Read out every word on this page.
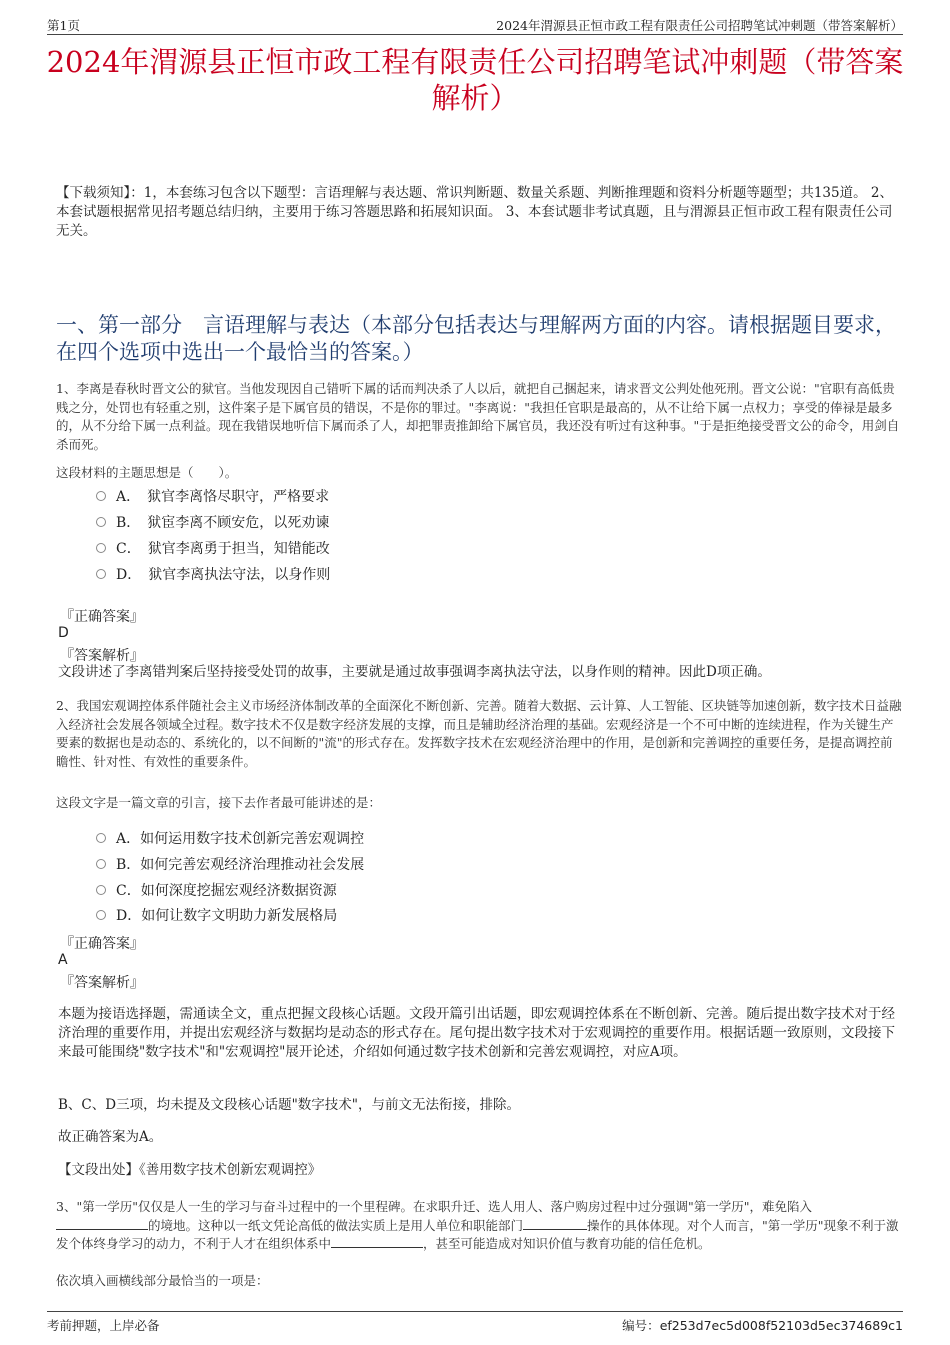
第1页	2024年渭源县正恒市政工程有限责任公司招聘笔试冲刺题（带答案解析）
2024年渭源县正恒市政工程有限责任公司招聘笔试冲刺题（带答案解析）
【下载须知】：1，本套练习包含以下题型：言语理解与表达题、常识判断题、数量关系题、判断推理题和资料分析题等题型；共135道。 2、本套试题根据常见招考题总结归纳，主要用于练习答题思路和拓展知识面。 3、本套试题非考试真题，且与渭源县正恒市政工程有限责任公司无关。
一、第一部分　言语理解与表达（本部分包括表达与理解两方面的内容。请根据题目要求，在四个选项中选出一个最恰当的答案。）
1、李离是春秋时晋文公的狱官。当他发现因自己错听下属的话而判决杀了人以后，就把自己捆起来，请求晋文公判处他死刑。晋文公说："官职有高低贵贱之分，处罚也有轻重之别，这件案子是下属官员的错误，不是你的罪过。"李离说："我担任官职是最高的，从不让给下属一点权力；享受的俸禄是最多的，从不分给下属一点利益。现在我错误地听信下属而杀了人，却把罪责推卸给下属官员，我还没有听过有这种事。"于是拒绝接受晋文公的命令，用剑自杀而死。
这段材料的主题思想是（　　）。
A．　狱官李离恪尽职守，严格要求
B．　狱宦李离不顾安危，以死劝谏
C．　狱官李离勇于担当，知错能改
D．　狱官李离执法守法，以身作则
『正确答案』
D
『答案解析』
文段讲述了李离错判案后坚持接受处罚的故事，主要就是通过故事强调李离执法守法，以身作则的精神。因此D项正确。
2、我国宏观调控体系伴随社会主义市场经济体制改革的全面深化不断创新、完善。随着大数据、云计算、人工智能、区块链等加速创新，数字技术日益融入经济社会发展各领域全过程。数字技术不仅是数字经济发展的支撑，而且是辅助经济治理的基础。宏观经济是一个不可中断的连续进程，作为关键生产要素的数据也是动态的、系统化的，以不间断的"流"的形式存在。发挥数字技术在宏观经济治理中的作用，是创新和完善调控的重要任务，是提高调控前瞻性、针对性、有效性的重要条件。
这段文字是一篇文章的引言，接下去作者最可能讲述的是：
A．如何运用数字技术创新完善宏观调控
B．如何完善宏观经济治理推动社会发展
C．如何深度挖掘宏观经济数据资源
D．如何让数字文明助力新发展格局
『正确答案』
A
『答案解析』
本题为接语选择题，需通读全文，重点把握文段核心话题。文段开篇引出话题，即宏观调控体系在不断创新、完善。随后提出数字技术对于经济治理的重要作用，并提出宏观经济与数据均是动态的形式存在。尾句提出数字技术对于宏观调控的重要作用。根据话题一致原则，文段接下来最可能围绕"数字技术"和"宏观调控"展开论述，介绍如何通过数字技术创新和完善宏观调控，对应A项。
B、C、D三项，均未提及文段核心话题"数字技术"，与前文无法衔接，排除。
故正确答案为A。
【文段出处】《善用数字技术创新宏观调控》
3、"第一学历"仅仅是人一生的学习与奋斗过程中的一个里程碑。在求职升迁、选人用人、落户购房过程中过分强调"第一学历"，难免陷入的境地。这种以一纸文凭论高低的做法实质上是用人单位和职能部门	操作的具体体现。对个人而言，"第一学历"现象不利于激发个体终身学习的动力，不利于人才在组织体系中	，甚至可能造成对知识价值与教育功能的信任危机。
依次填入画横线部分最恰当的一项是：
考前押题，上岸必备	编号：ef253d7ec5d008f52103d5ec374689c1
